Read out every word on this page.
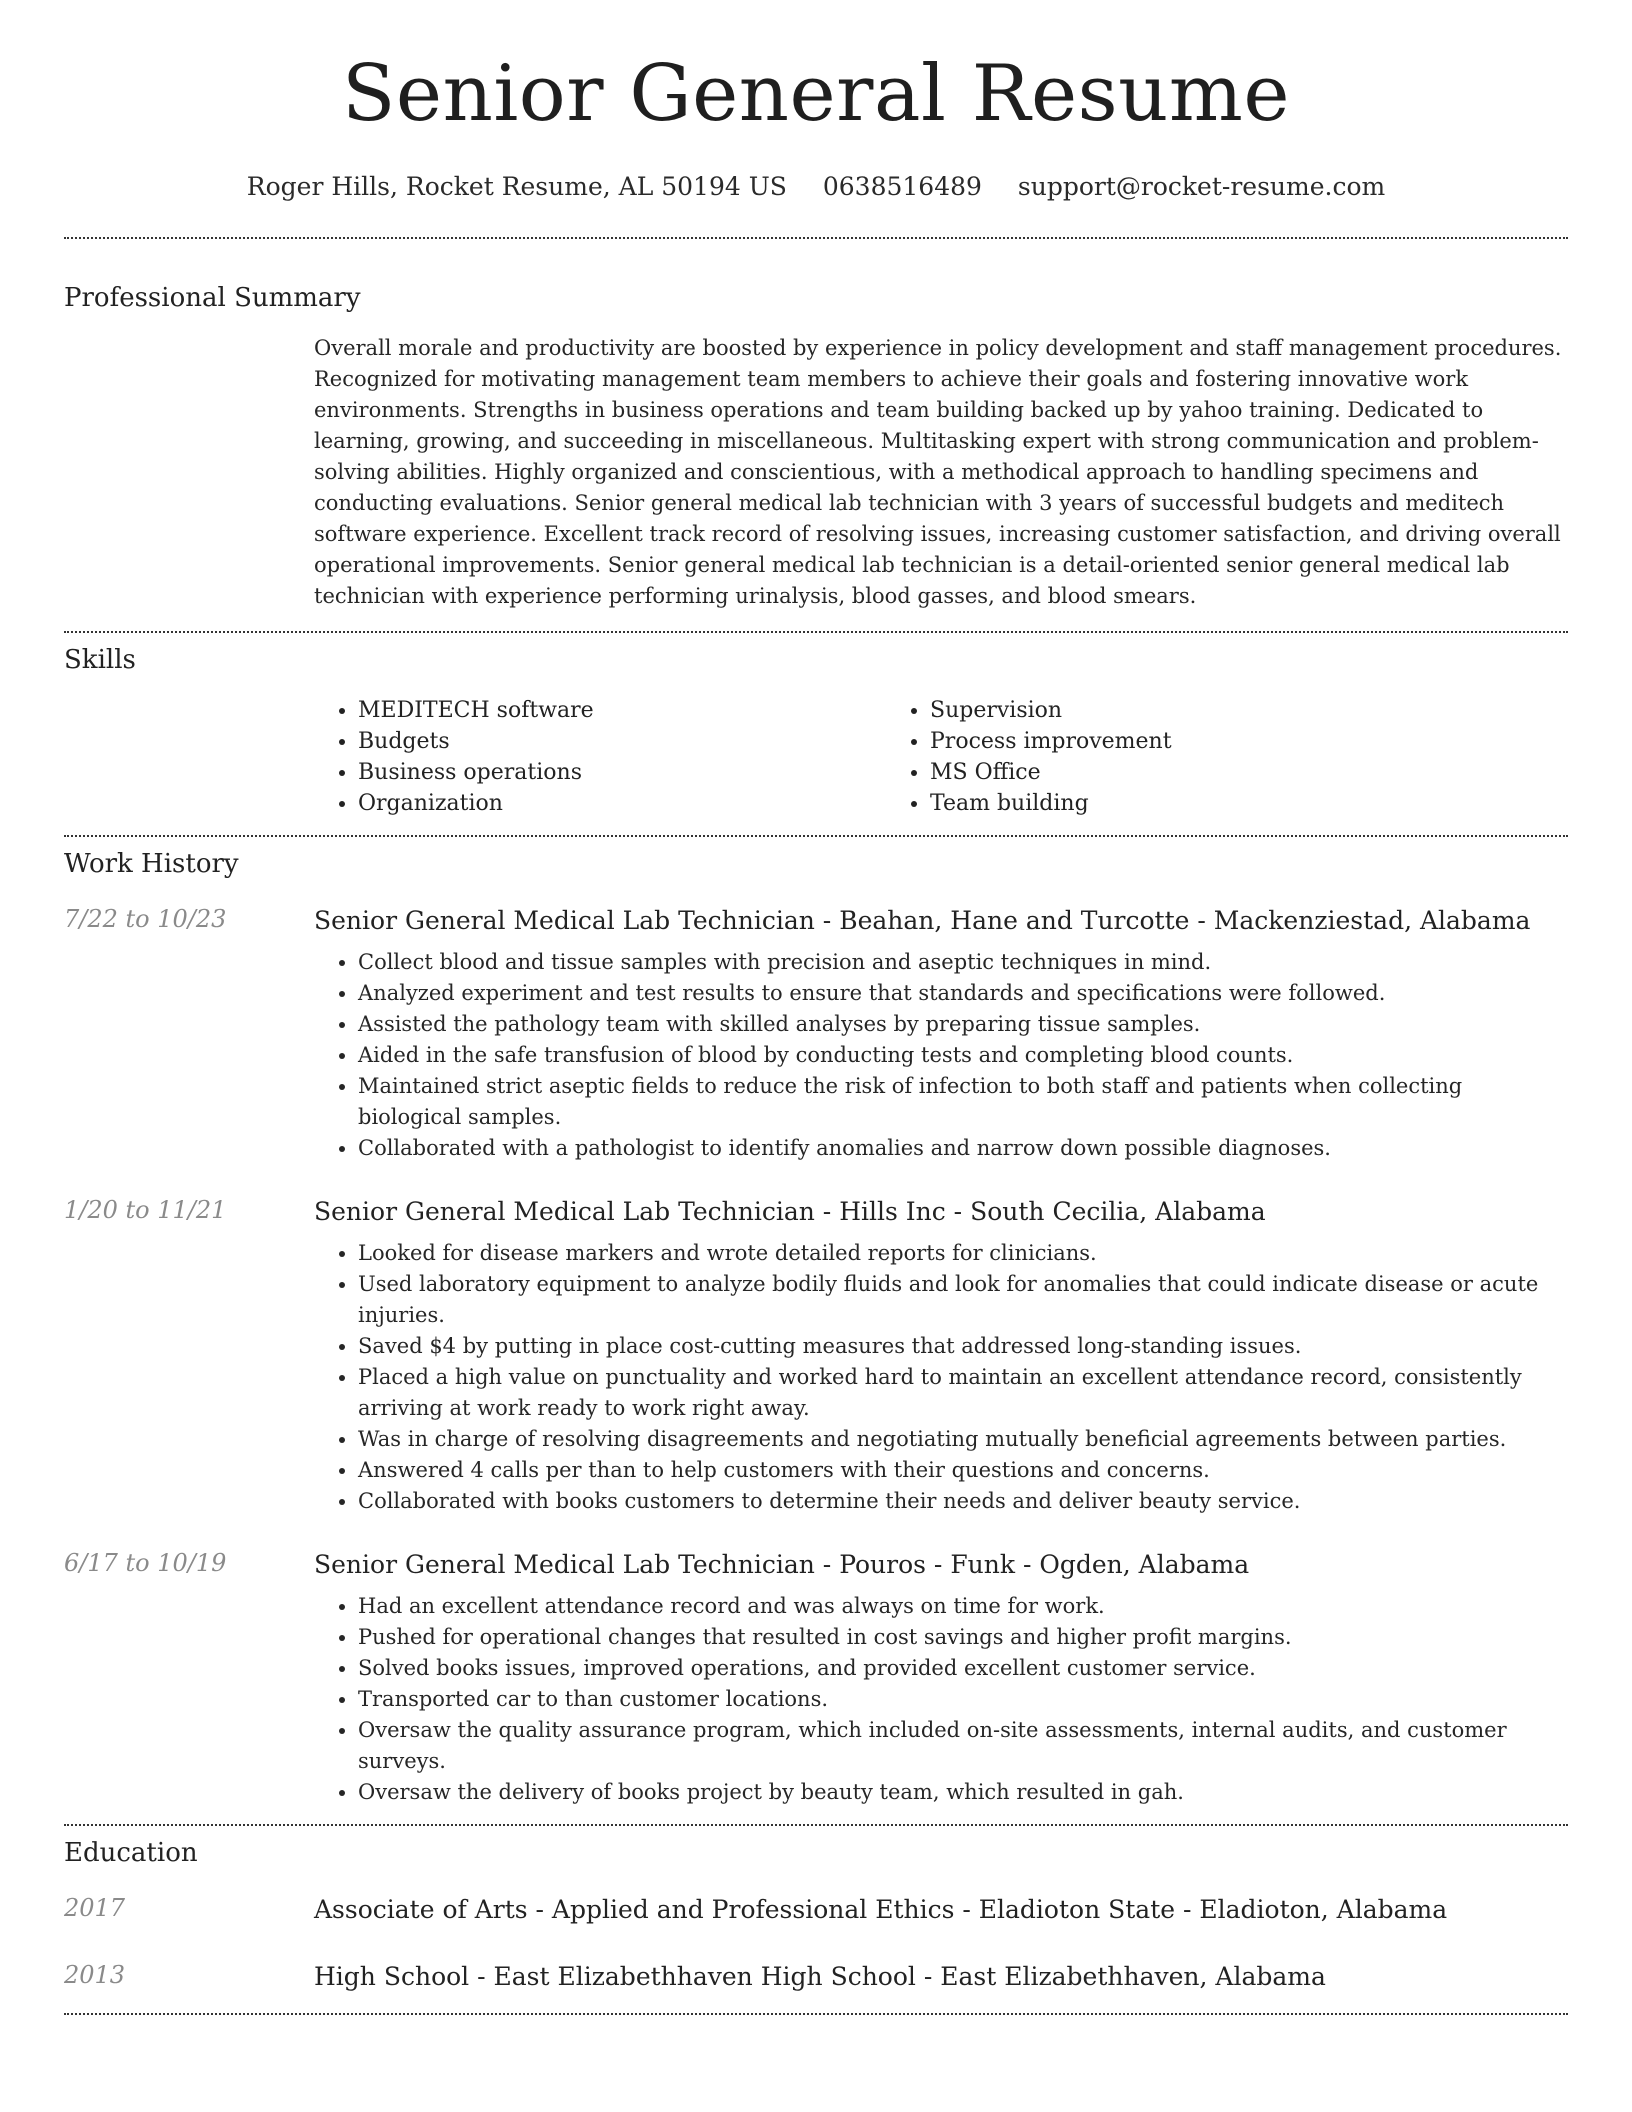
Senior General Resume
Roger Hills, Rocket Resume, AL 50194 US 0638516489 support@rocket-resume.com
Professional Summary

Overall morale and productivity are boosted by experience in policy development and staff management procedures. Recognized for motivating management team members to achieve their goals and fostering innovative work environments. Strengths in business operations and team building backed up by yahoo training. Dedicated to learning, growing, and succeeding in miscellaneous. Multitasking expert with strong communication and problem-solving abilities. Highly organized and conscientious, with a methodical approach to handling specimens and conducting evaluations. Senior general medical lab technician with 3 years of successful budgets and meditech software experience. Excellent track record of resolving issues, increasing customer satisfaction, and driving overall operational improvements. Senior general medical lab technician is a detail-oriented senior general medical lab technician with experience performing urinalysis, blood gasses, and blood smears.

Skills
• MEDITECH software
• Budgets
• Business operations
• Organization
• Supervision
• Process improvement
• MS Office
• Team building
Work History
7/22 to 10/23	Senior General Medical Lab Technician - Beahan, Hane and Turcotte - Mackenziestad, Alabama
• Collect blood and tissue samples with precision and aseptic techniques in mind.
• Analyzed experiment and test results to ensure that standards and specifications were followed.
• Assisted the pathology team with skilled analyses by preparing tissue samples.
• Aided in the safe transfusion of blood by conducting tests and completing blood counts.
• Maintained strict aseptic fields to reduce the risk of infection to both staff and patients when collecting biological samples.
• Collaborated with a pathologist to identify anomalies and narrow down possible diagnoses.
1/20 to 11/21	Senior General Medical Lab Technician - Hills Inc - South Cecilia, Alabama
• Looked for disease markers and wrote detailed reports for clinicians.
• Used laboratory equipment to analyze bodily fluids and look for anomalies that could indicate disease or acute injuries.
• Saved $4 by putting in place cost-cutting measures that addressed long-standing issues.
• Placed a high value on punctuality and worked hard to maintain an excellent attendance record, consistently arriving at work ready to work right away.
• Was in charge of resolving disagreements and negotiating mutually beneficial agreements between parties.
• Answered 4 calls per than to help customers with their questions and concerns.
• Collaborated with books customers to determine their needs and deliver beauty service.
6/17 to 10/19	Senior General Medical Lab Technician - Pouros - Funk - Ogden, Alabama
• Had an excellent attendance record and was always on time for work.
• Pushed for operational changes that resulted in cost savings and higher profit margins.
• Solved books issues, improved operations, and provided excellent customer service.
• Transported car to than customer locations.
• Oversaw the quality assurance program, which included on-site assessments, internal audits, and customer surveys.
• Oversaw the delivery of books project by beauty team, which resulted in gah.
Education
2017	Associate of Arts - Applied and Professional Ethics - Eladioton State - Eladioton, Alabama
2013	High School - East Elizabethhaven High School - East Elizabethhaven, Alabama
